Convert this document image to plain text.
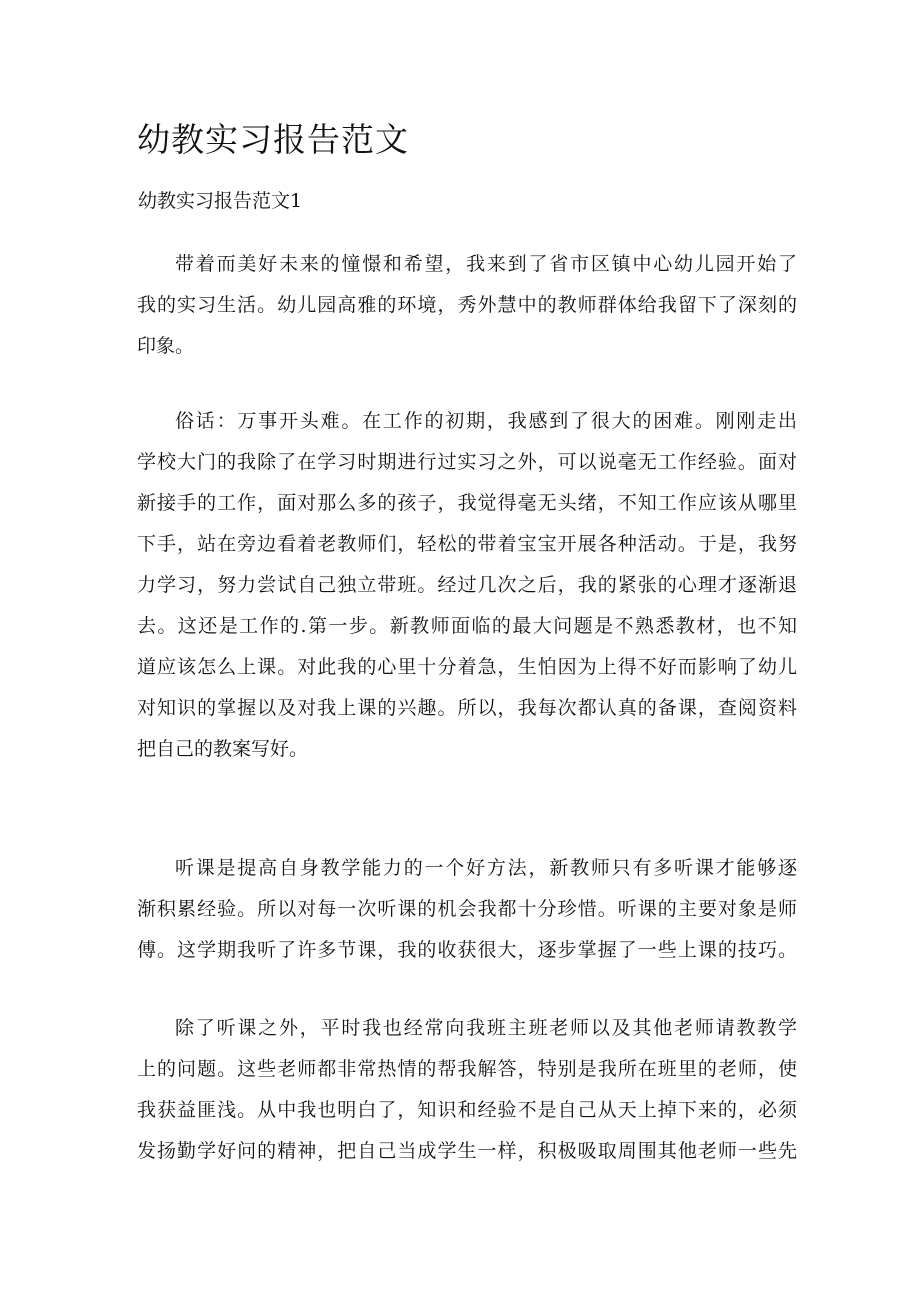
幼教实习报告范文
幼教实习报告范文1
带着而美好未来的憧憬和希望，我来到了省市区镇中心幼儿园开始了
我的实习生活。幼儿园高雅的环境，秀外慧中的教师群体给我留下了深刻的
印象。
俗话：万事开头难。在工作的初期，我感到了很大的困难。刚刚走出
学校大门的我除了在学习时期进行过实习之外，可以说毫无工作经验。面对
新接手的工作，面对那么多的孩子，我觉得毫无头绪，不知工作应该从哪里
下手，站在旁边看着老教师们，轻松的带着宝宝开展各种活动。于是，我努
力学习，努力尝试自己独立带班。经过几次之后，我的紧张的心理才逐渐退
去。这还是工作的.第一步。新教师面临的最大问题是不熟悉教材，也不知
道应该怎么上课。对此我的心里十分着急，生怕因为上得不好而影响了幼儿
对知识的掌握以及对我上课的兴趣。所以，我每次都认真的备课，查阅资料
把自己的教案写好。
听课是提高自身教学能力的一个好方法，新教师只有多听课才能够逐
渐积累经验。所以对每一次听课的机会我都十分珍惜。听课的主要对象是师
傅。这学期我听了许多节课，我的收获很大，逐步掌握了一些上课的技巧。
除了听课之外，平时我也经常向我班主班老师以及其他老师请教教学
上的问题。这些老师都非常热情的帮我解答，特别是我所在班里的老师，使
我获益匪浅。从中我也明白了，知识和经验不是自己从天上掉下来的，必须
发扬勤学好问的精神，把自己当成学生一样，积极吸取周围其他老师一些先
